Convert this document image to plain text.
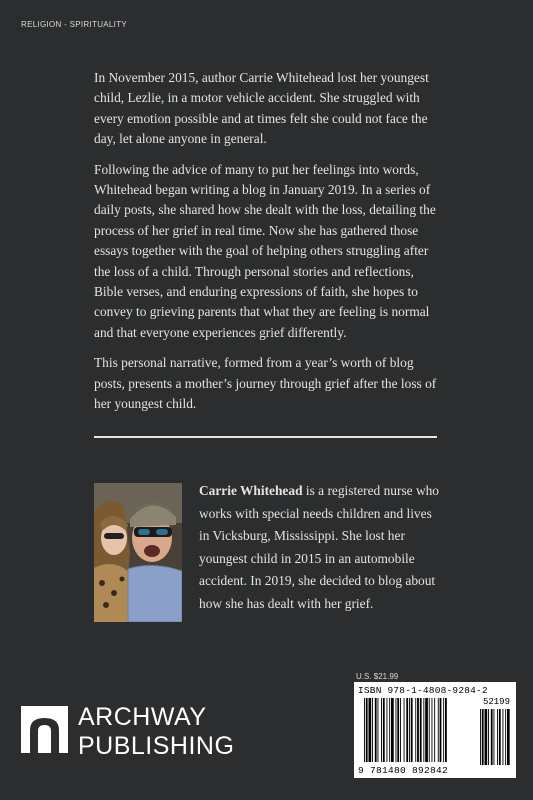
RELIGION - SPIRITUALITY

In November 2015, author Carrie Whitehead lost her youngest child, Lezlie, in a motor vehicle accident. She struggled with every emotion possible and at times felt she could not face the day, let alone anyone in general.

Following the advice of many to put her feelings into words, Whitehead began writing a blog in January 2019. In a series of daily posts, she shared how she dealt with the loss, detailing the process of her grief in real time. Now she has gathered those essays together with the goal of helping others struggling after the loss of a child. Through personal stories and reflections, Bible verses, and enduring expressions of faith, she hopes to convey to grieving parents that what they are feeling is normal and that everyone experiences grief differently.

This personal narrative, formed from a year’s worth of blog posts, presents a mother’s journey through grief after the loss of her youngest child.

Carrie Whitehead is a registered nurse who works with special needs children and lives in Vicksburg, Mississippi. She lost her youngest child in 2015 in an automobile accident. In 2019, she decided to blog about how she has dealt with her grief.
U.S. $21.99
ISBN 978-1-4808-9284-2
52199
9 781480 892842
ARCHWAY
PUBLISHING
